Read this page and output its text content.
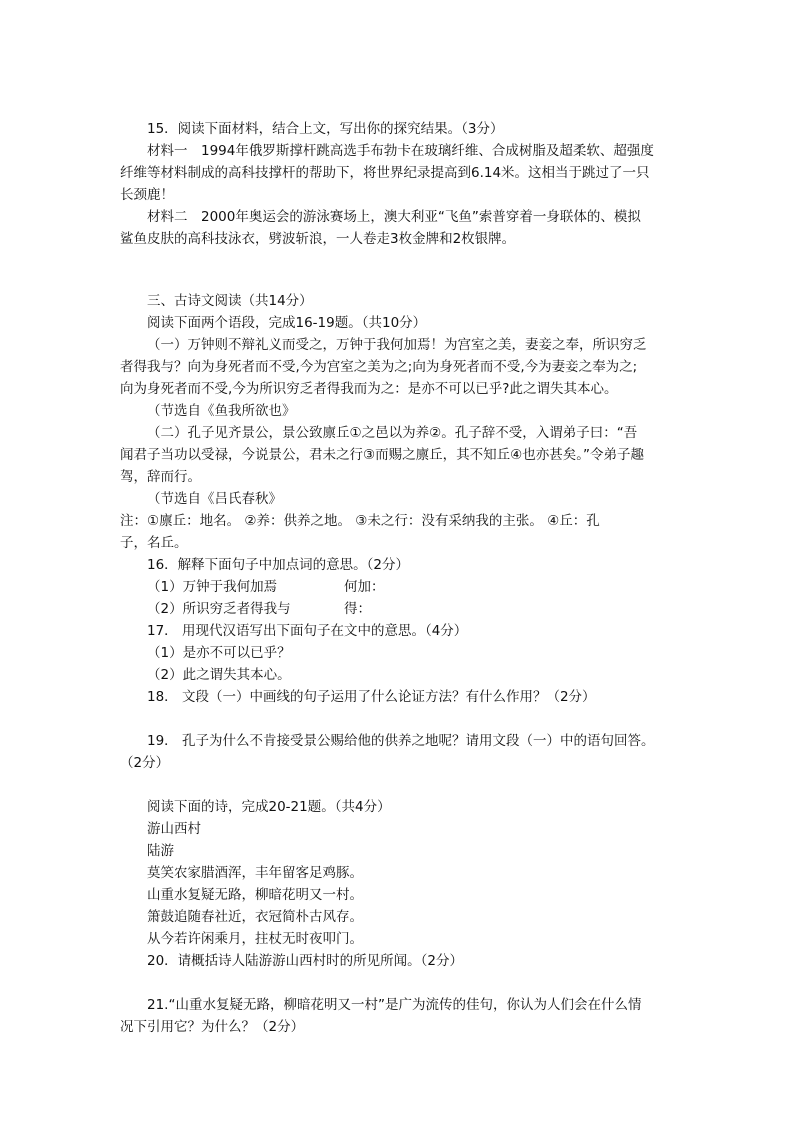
15．阅读下面材料，结合上文，写出你的探究结果。（3分）
材料一　1994年俄罗斯撑杆跳高选手布勃卡在玻璃纤维、合成树脂及超柔软、超强度
纤维等材料制成的高科技撑杆的帮助下，将世界纪录提高到6.14米。这相当于跳过了一只
长颈鹿！
材料二　2000年奥运会的游泳赛场上，澳大利亚“飞鱼”索普穿着一身联体的、模拟
鲨鱼皮肤的高科技泳衣，劈波斩浪，一人卷走3枚金牌和2枚银牌。
三、古诗文阅读（共14分）
阅读下面两个语段，完成16-19题。（共10分）
（一）万钟则不辩礼义而受之，万钟于我何加焉！为宫室之美，妻妾之奉，所识穷乏
者得我与？向为身死者而不受,今为宫室之美为之;向为身死者而不受,今为妻妾之奉为之;
向为身死者而不受,今为所识穷乏者得我而为之：是亦不可以已乎?此之谓失其本心。
（节选自《鱼我所欲也》
（二）孔子见齐景公，景公致廪丘①之邑以为养②。孔子辞不受，入谓弟子曰：“吾
闻君子当功以受禄，今说景公，君未之行③而赐之廪丘，其不知丘④也亦甚矣。”令弟子趣
驾，辞而行。
（节选自《吕氏春秋》
注：①廪丘：地名。 ②养：供养之地。 ③未之行：没有采纳我的主张。 ④丘：孔
子，名丘。
16．解释下面句子中加点词的意思。（2分）
（1）万钟于我何加焉	何加：
（2）所识穷乏者得我与	得：
17． 用现代汉语写出下面句子在文中的意思。（4分）
（1）是亦不可以已乎？
（2）此之谓失其本心。
18． 文段（一）中画线的句子运用了什么论证方法？有什么作用？（2分）
19． 孔子为什么不肯接受景公赐给他的供养之地呢？请用文段（一）中的语句回答。
（2分）
阅读下面的诗，完成20-21题。（共4分）
游山西村
陆游
莫笑农家腊酒浑，丰年留客足鸡豚。
山重水复疑无路，柳暗花明又一村。
箫鼓追随春社近，衣冠简朴古风存。
从今若许闲乘月，拄杖无时夜叩门。
20．请概括诗人陆游游山西村时的所见所闻。（2分）
21.“山重水复疑无路，柳暗花明又一村”是广为流传的佳句，你认为人们会在什么情
况下引用它？为什么？（2分）
